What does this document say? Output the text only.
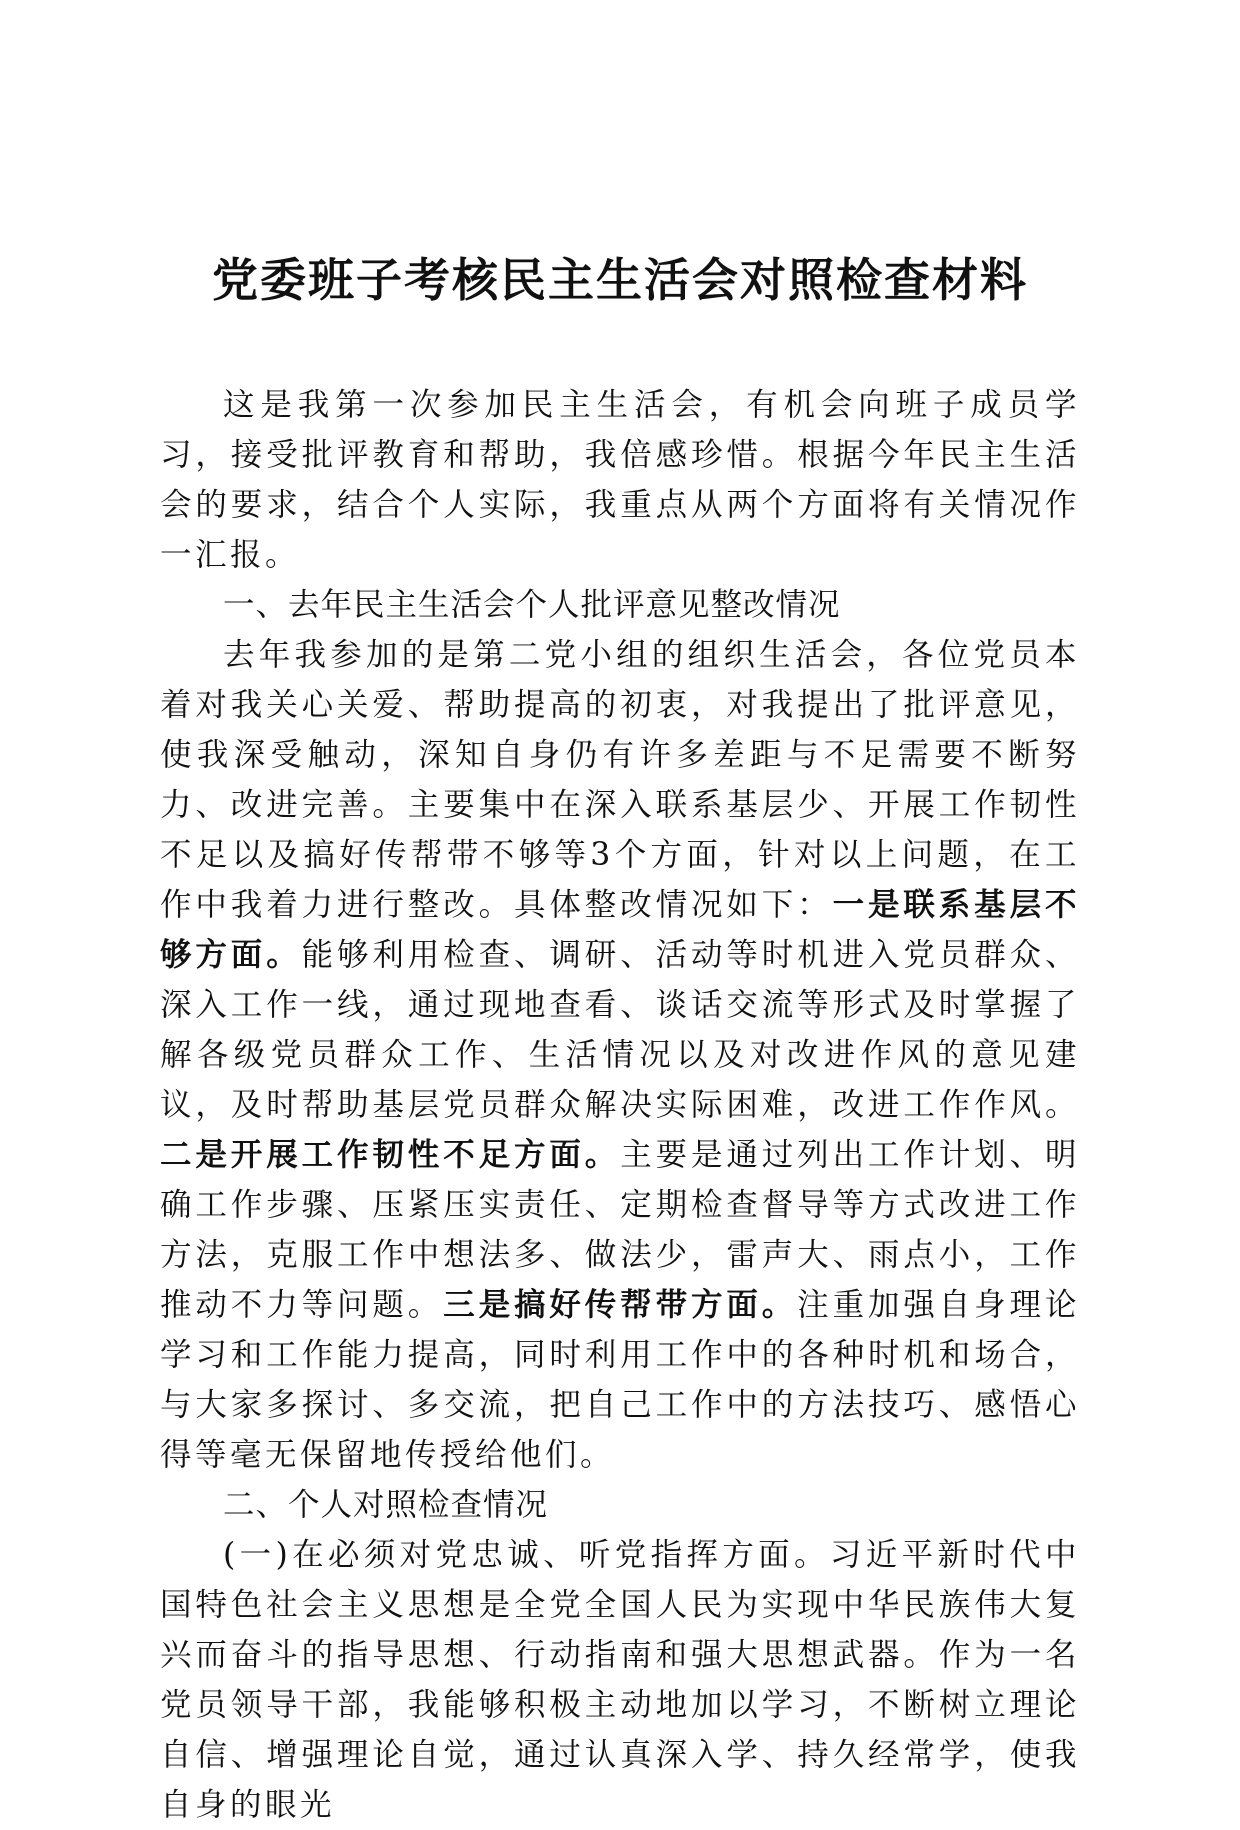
党委班子考核民主生活会对照检查材料

这是我第一次参加民主生活会，有机会向班子成员学习，接受批评教育和帮助，我倍感珍惜。根据今年民主生活会的要求，结合个人实际，我重点从两个方面将有关情况作一汇报。

一、去年民主生活会个人批评意见整改情况

去年我参加的是第二党小组的组织生活会，各位党员本着对我关心关爱、帮助提高的初衷，对我提出了批评意见，使我深受触动，深知自身仍有许多差距与不足需要不断努力、改进完善。主要集中在深入联系基层少、开展工作韧性不足以及搞好传帮带不够等3个方面，针对以上问题，在工作中我着力进行整改。具体整改情况如下：一是联系基层不够方面。能够利用检查、调研、活动等时机进入党员群众、深入工作一线，通过现地查看、谈话交流等形式及时掌握了解各级党员群众工作、生活情况以及对改进作风的意见建议，及时帮助基层党员群众解决实际困难，改进工作作风。二是开展工作韧性不足方面。主要是通过列出工作计划、明确工作步骤、压紧压实责任、定期检查督导等方式改进工作方法，克服工作中想法多、做法少，雷声大、雨点小，工作推动不力等问题。三是搞好传帮带方面。注重加强自身理论学习和工作能力提高，同时利用工作中的各种时机和场合，与大家多探讨、多交流，把自己工作中的方法技巧、感悟心得等毫无保留地传授给他们。

二、个人对照检查情况

(一)在必须对党忠诚、听党指挥方面。习近平新时代中国特色社会主义思想是全党全国人民为实现中华民族伟大复兴而奋斗的指导思想、行动指南和强大思想武器。作为一名党员领导干部，我能够积极主动地加以学习，不断树立理论自信、增强理论自觉，通过认真深入学、持久经常学，使我自身的眼光
